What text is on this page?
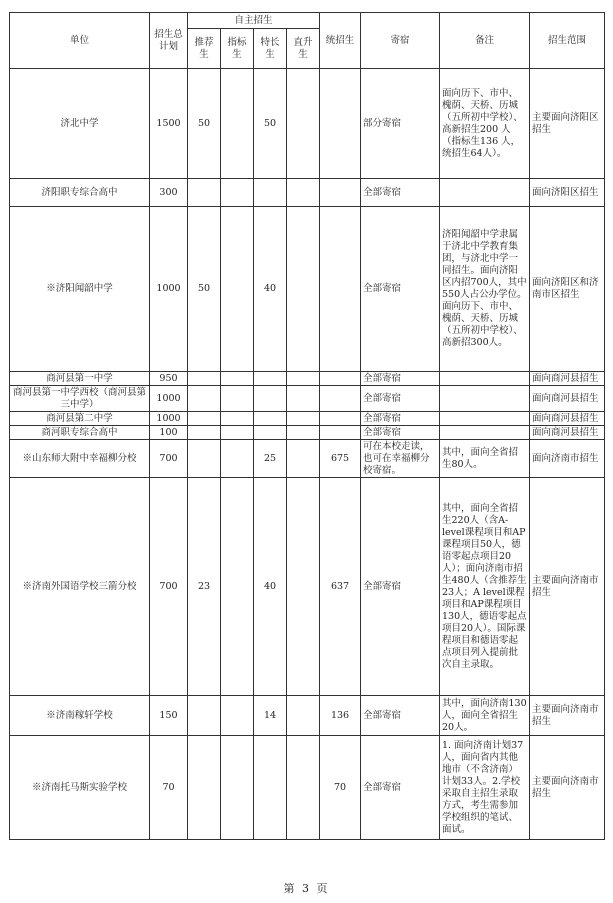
单位	招生总计划	自主招生				统招生	寄宿	备注	招生范围
		推荐生	指标生	特长生	直升生				
济北中学	1500	50		50			部分寄宿	面向历下、市中、槐荫、天桥、历城（五所初中学校）、高新招生200 人（指标生136 人，统招生64人）。	主要面向济阳区招生
济阳职专综合高中	300						全部寄宿		面向济阳区招生
※济阳闻韶中学	1000	50		40			全部寄宿	济阳闻韶中学隶属于济北中学教育集团，与济北中学一同招生。面向济阳区内招700人，其中550人占公办学位。面向历下、市中、槐荫、天桥、历城（五所初中学校）、高新招300人。	面向济阳区和济南市区招生
商河县第一中学	950						全部寄宿		面向商河县招生
商河县第一中学西校（商河县第三中学）	1000						全部寄宿		面向商河县招生
商河县第二中学	1000						全部寄宿		面向商河县招生
商河职专综合高中	100						全部寄宿		面向商河县招生
※山东师大附中幸福柳分校	700			25		675	可在本校走读，也可在幸福柳分校寄宿。	其中，面向全省招生80人。	面向济南市招生
※济南外国语学校三箭分校	700	23		40		637	全部寄宿	其中，面向全省招生220人（含A-level课程项目和AP课程项目50人，德语零起点项目20人）；面向济南市招生480人（含推荐生23人；A level课程项目和AP课程项目130人，德语零起点项目20人）。国际课程项目和德语零起点项目列入提前批次自主录取。	主要面向济南市招生
※济南稼轩学校	150			14		136	全部寄宿	其中，面向济南130人，面向全省招生20人。	主要面向济南市招生
※济南托马斯实验学校	70					70	全部寄宿	1. 面向济南计划37人，面向省内其他地市（不含济南）计划33人。2.学校采取自主招生录取方式，考生需参加学校组织的笔试、面试。	主要面向济南市招生
第 3 页
